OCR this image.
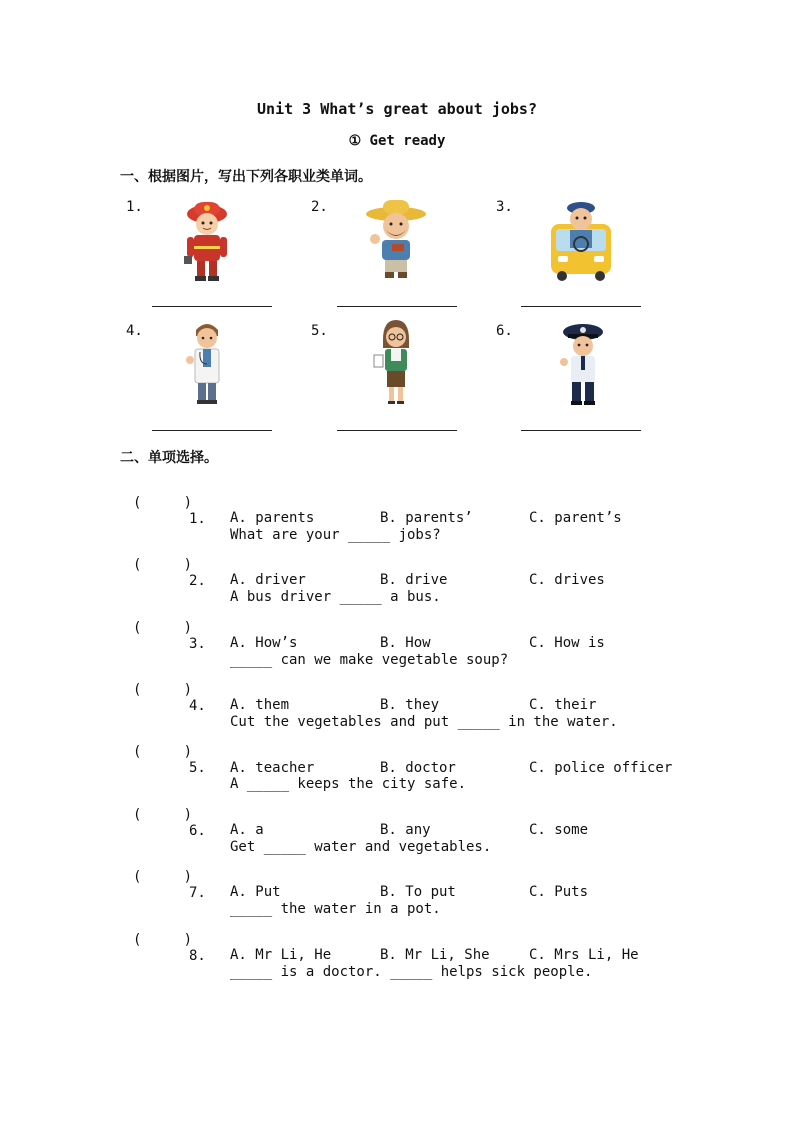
Unit 3 What’s great about jobs?
① Get ready
一、根据图片，写出下列各职业类单词。
1.	2.	3.
4.	5.	6.
二、单项选择。

(     )

1.

What are your _____ jobs?

A. parents	B. parents’	C. parent’s

(     )

2.

A bus driver _____ a bus.

A. driver	B. drive	C. drives

(     )

3.

_____ can we make vegetable soup?

A. How’s	B. How	C. How is

(     )

4.

Cut the vegetables and put _____ in the water.

A. them	B. they	C. their

(     )

5.

A _____ keeps the city safe.

A. teacher	B. doctor	C. police officer

(     )

6.

Get _____ water and vegetables.

A. a	B. any	C. some

(     )

7.

_____ the water in a pot.

A. Put	B. To put	C. Puts

(     )

8.

_____ is a doctor. _____ helps sick people.

A. Mr Li, He	B. Mr Li, She	C. Mrs Li, He
